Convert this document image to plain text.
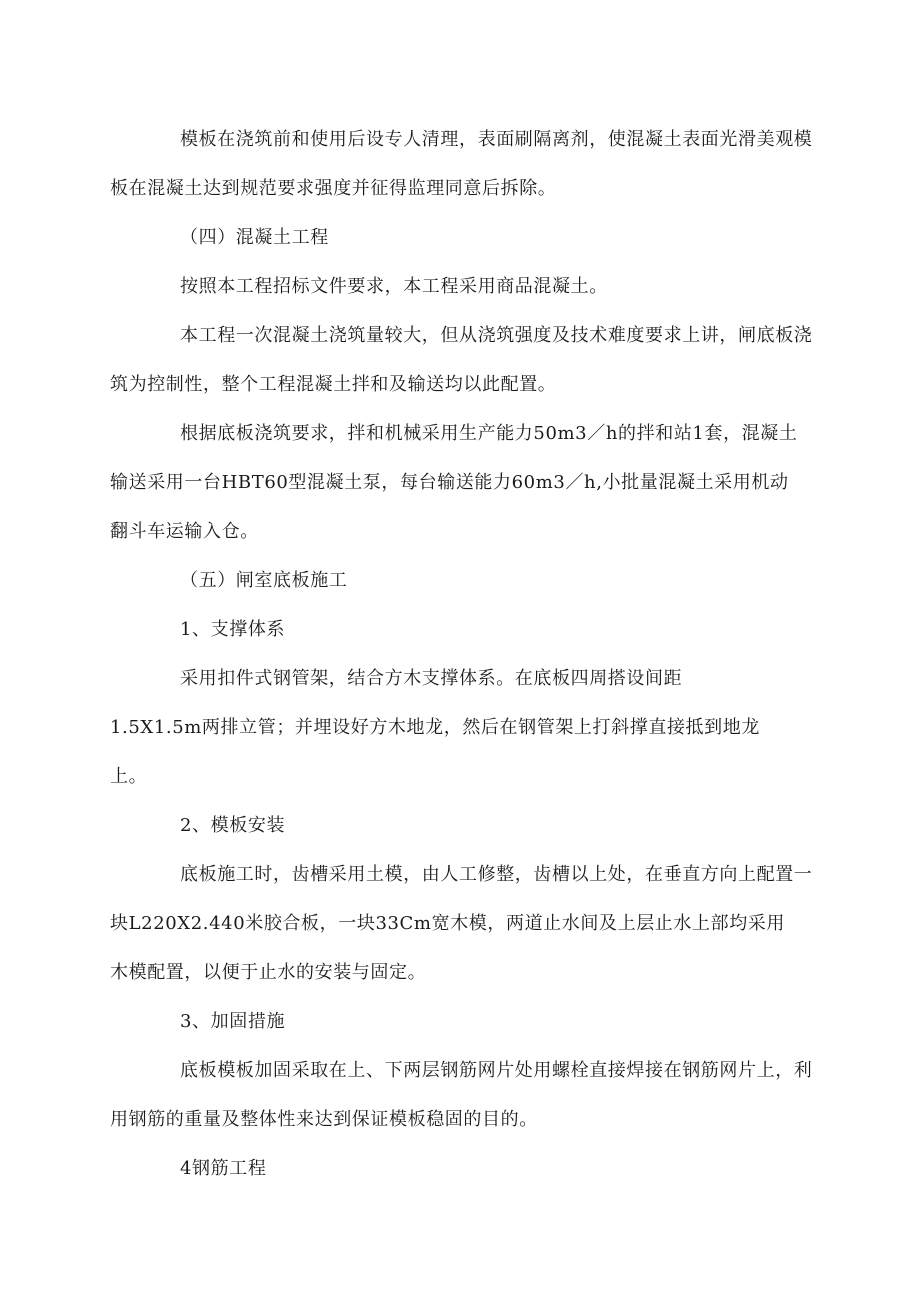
模板在浇筑前和使用后设专人清理，表面刷隔离剂，使混凝土表面光滑美观模
板在混凝土达到规范要求强度并征得监理同意后拆除。
（四）混凝土工程
按照本工程招标文件要求，本工程采用商品混凝土。
本工程一次混凝土浇筑量较大，但从浇筑强度及技术难度要求上讲，闸底板浇
筑为控制性，整个工程混凝土拌和及输送均以此配置。
根据底板浇筑要求，拌和机械采用生产能力50m3／h的拌和站1套，混凝土
输送采用一台HBT60型混凝土泵，每台输送能力60m3／h,小批量混凝土采用机动
翻斗车运输入仓。
（五）闸室底板施工
1、支撑体系
采用扣件式钢管架，结合方木支撑体系。在底板四周搭设间距
1.5X1.5m两排立管；并埋设好方木地龙，然后在钢管架上打斜撑直接抵到地龙
上。
2、模板安装
底板施工时，齿槽采用土模，由人工修整，齿槽以上处，在垂直方向上配置一
块L220X2.440米胶合板，一块33Cm宽木模，两道止水间及上层止水上部均采用
木模配置，以便于止水的安装与固定。
3、加固措施
底板模板加固采取在上、下两层钢筋网片处用螺栓直接焊接在钢筋网片上，利
用钢筋的重量及整体性来达到保证模板稳固的目的。
4钢筋工程
